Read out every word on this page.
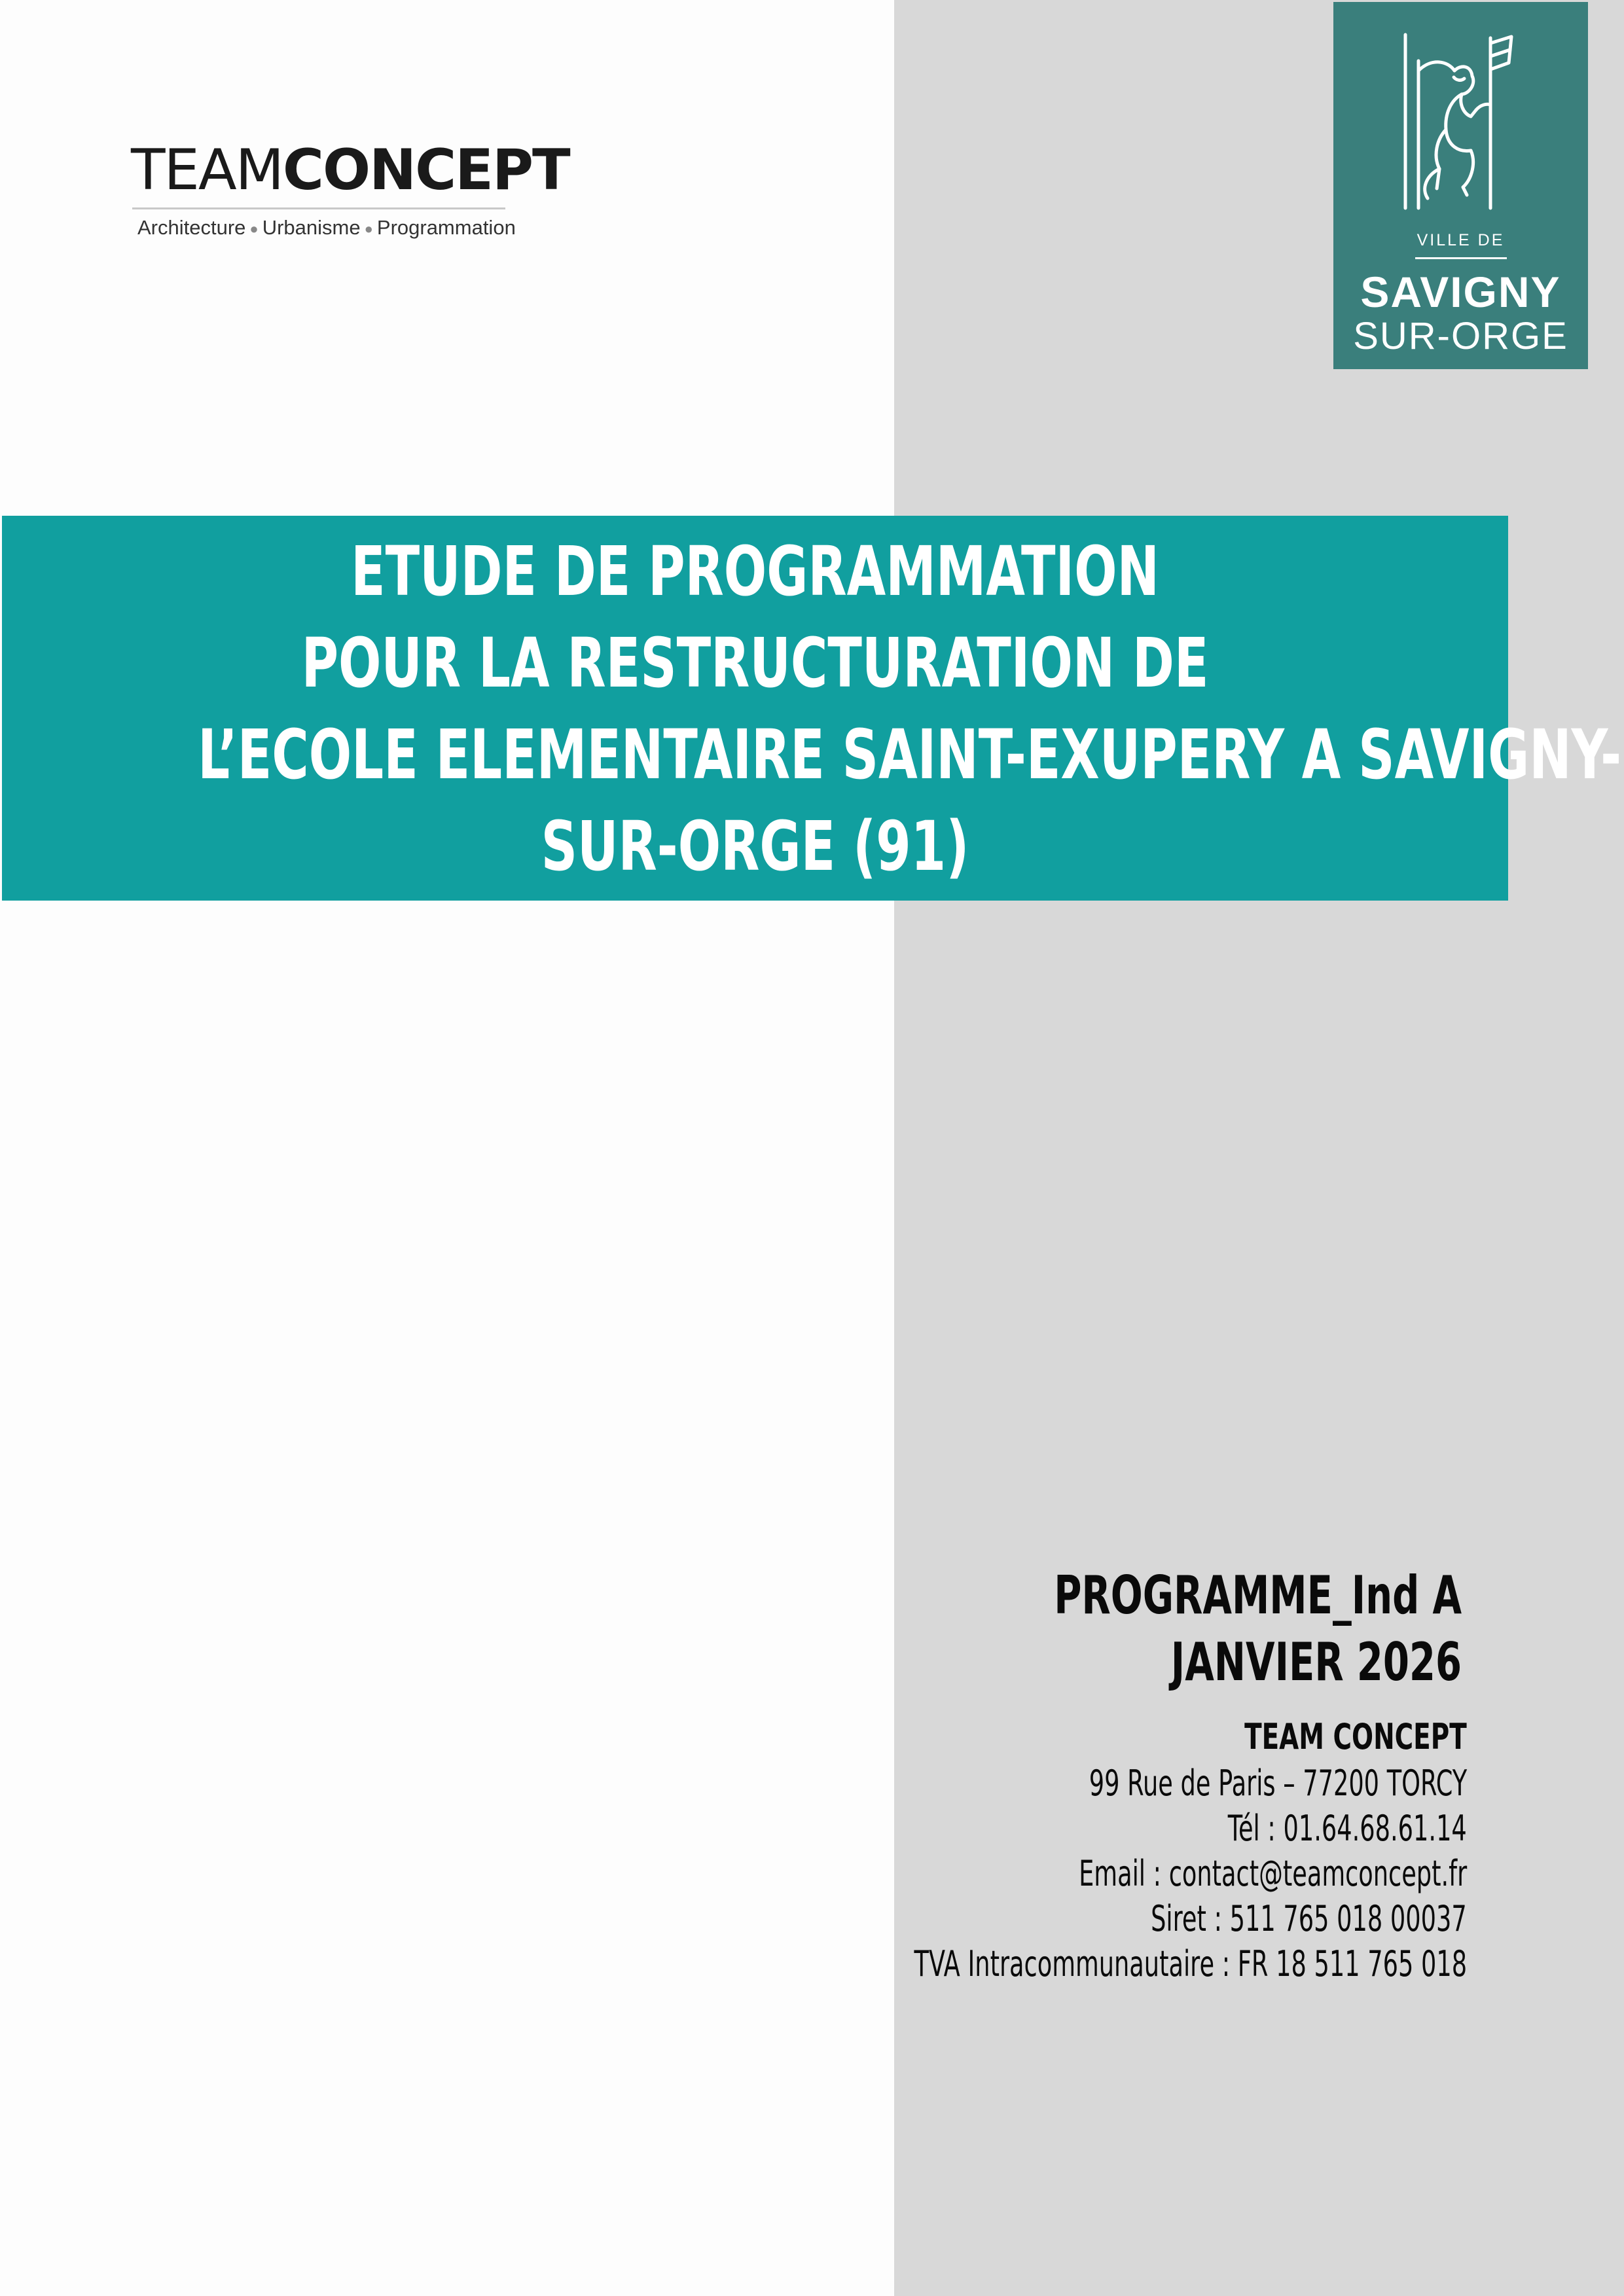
TEAMCONCEPT
Architecture ● Urbanisme ● Programmation
VILLE DE
SAVIGNY
SUR-ORGE
ETUDE DE PROGRAMMATION
POUR LA RESTRUCTURATION DE
L’ECOLE ELEMENTAIRE SAINT-EXUPERY A SAVIGNY-
SUR-ORGE (91)
PROGRAMME_Ind A
JANVIER 2026
TEAM CONCEPT
99 Rue de Paris – 77200 TORCY
Tél : 01.64.68.61.14
Email : contact@teamconcept.fr
Siret : 511 765 018 00037
TVA Intracommunautaire : FR 18 511 765 018
